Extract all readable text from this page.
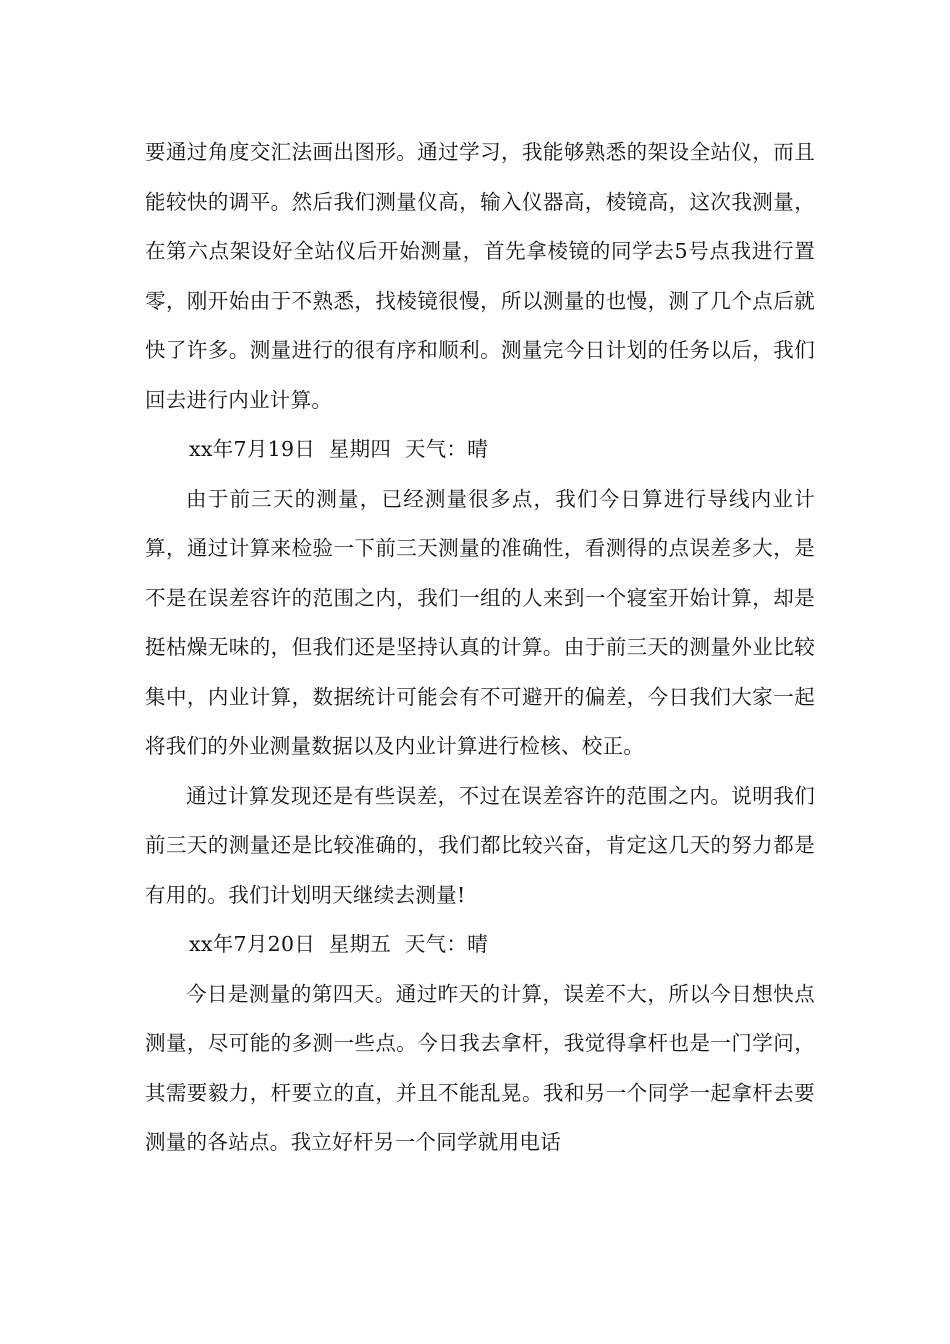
要通过角度交汇法画出图形。通过学习，我能够熟悉的架设全站仪，而且能较快的调平。然后我们测量仪高，输入仪器高，棱镜高，这次我测量，在第六点架设好全站仪后开始测量，首先拿棱镜的同学去5号点我进行置零，刚开始由于不熟悉，找棱镜很慢，所以测量的也慢，测了几个点后就快了许多。测量进行的很有序和顺利。测量完今日计划的任务以后，我们回去进行内业计算。

xx年7月19日  星期四  天气：晴

由于前三天的测量，已经测量很多点，我们今日算进行导线内业计算，通过计算来检验一下前三天测量的准确性，看测得的点误差多大，是不是在误差容许的范围之内，我们一组的人来到一个寝室开始计算，却是挺枯燥无味的，但我们还是坚持认真的计算。由于前三天的测量外业比较集中，内业计算，数据统计可能会有不可避开的偏差，今日我们大家一起将我们的外业测量数据以及内业计算进行检核、校正。

通过计算发现还是有些误差，不过在误差容许的范围之内。说明我们前三天的测量还是比较准确的，我们都比较兴奋，肯定这几天的努力都是有用的。我们计划明天继续去测量!

xx年7月20日  星期五  天气：晴

今日是测量的第四天。通过昨天的计算，误差不大，所以今日想快点测量，尽可能的多测一些点。今日我去拿杆，我觉得拿杆也是一门学问，其需要毅力，杆要立的直，并且不能乱晃。我和另一个同学一起拿杆去要测量的各站点。我立好杆另一个同学就用电话
